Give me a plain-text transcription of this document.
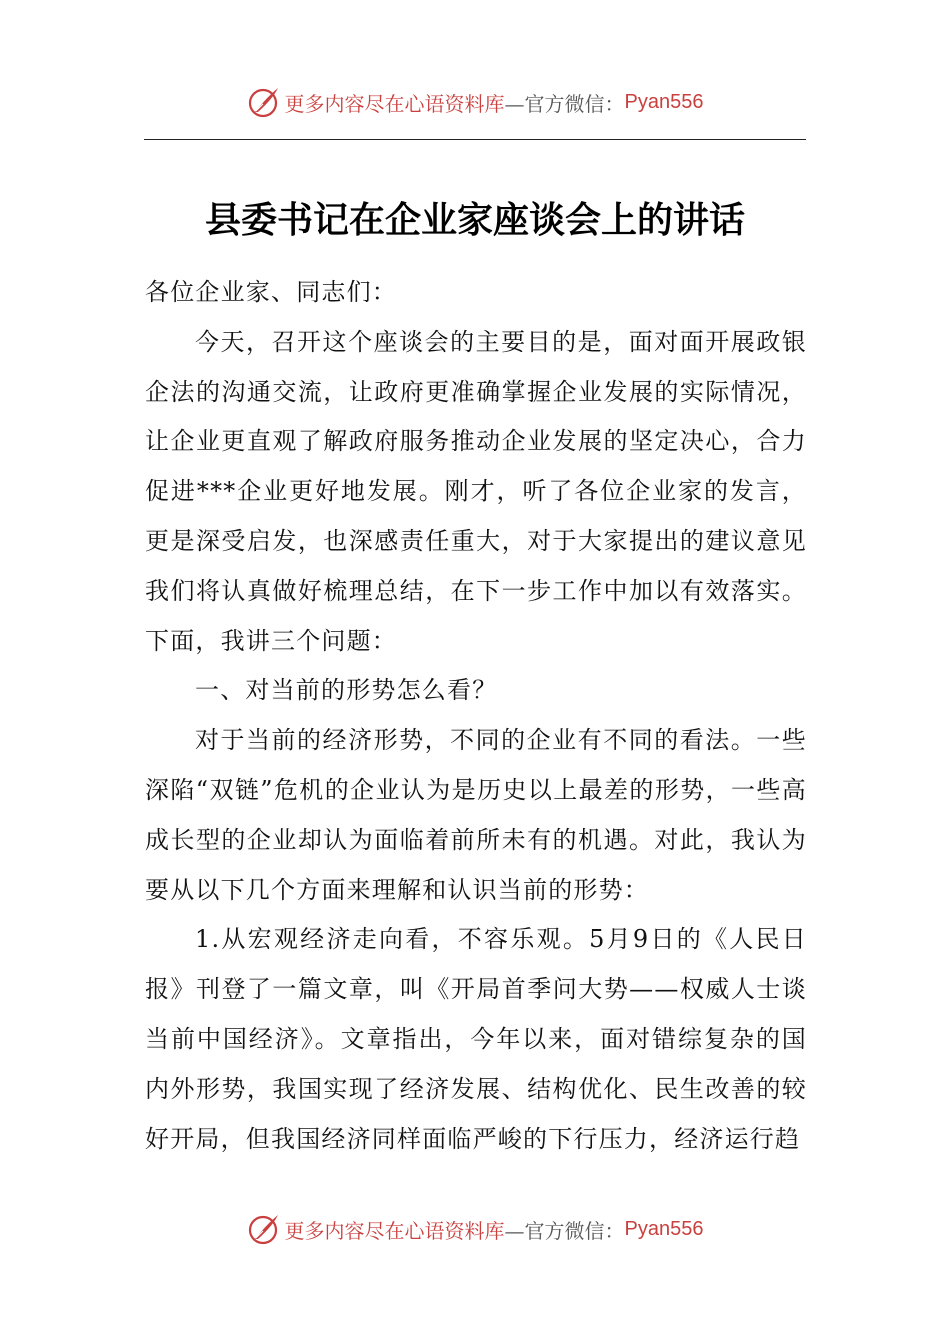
更多内容尽在心语资料库 —官方微信： Pyan556
县委书记在企业家座谈会上的讲话

各位企业家、同志们：

今天，召开这个座谈会的主要目的是，面对面开展政银企法的沟通交流，让政府更准确掌握企业发展的实际情况，让企业更直观了解政府服务推动企业发展的坚定决心，合力促进***企业更好地发展。刚才，听了各位企业家的发言，更是深受启发，也深感责任重大，对于大家提出的建议意见我们将认真做好梳理总结，在下一步工作中加以有效落实。下面，我讲三个问题：

一、对当前的形势怎么看？

对于当前的经济形势，不同的企业有不同的看法。一些深陷“双链”危机的企业认为是历史以上最差的形势，一些高成长型的企业却认为面临着前所未有的机遇。对此，我认为要从以下几个方面来理解和认识当前的形势：

1.从宏观经济走向看，不容乐观。5月9日的《人民日报》刊登了一篇文章，叫《开局首季问大势——权威人士谈当前中国经济》。文章指出，今年以来，面对错综复杂的国内外形势，我国实现了经济发展、结构优化、民生改善的较好开局，但我国经济同样面临严峻的下行压力，经济运行趋

更多内容尽在心语资料库 —官方微信： Pyan556
